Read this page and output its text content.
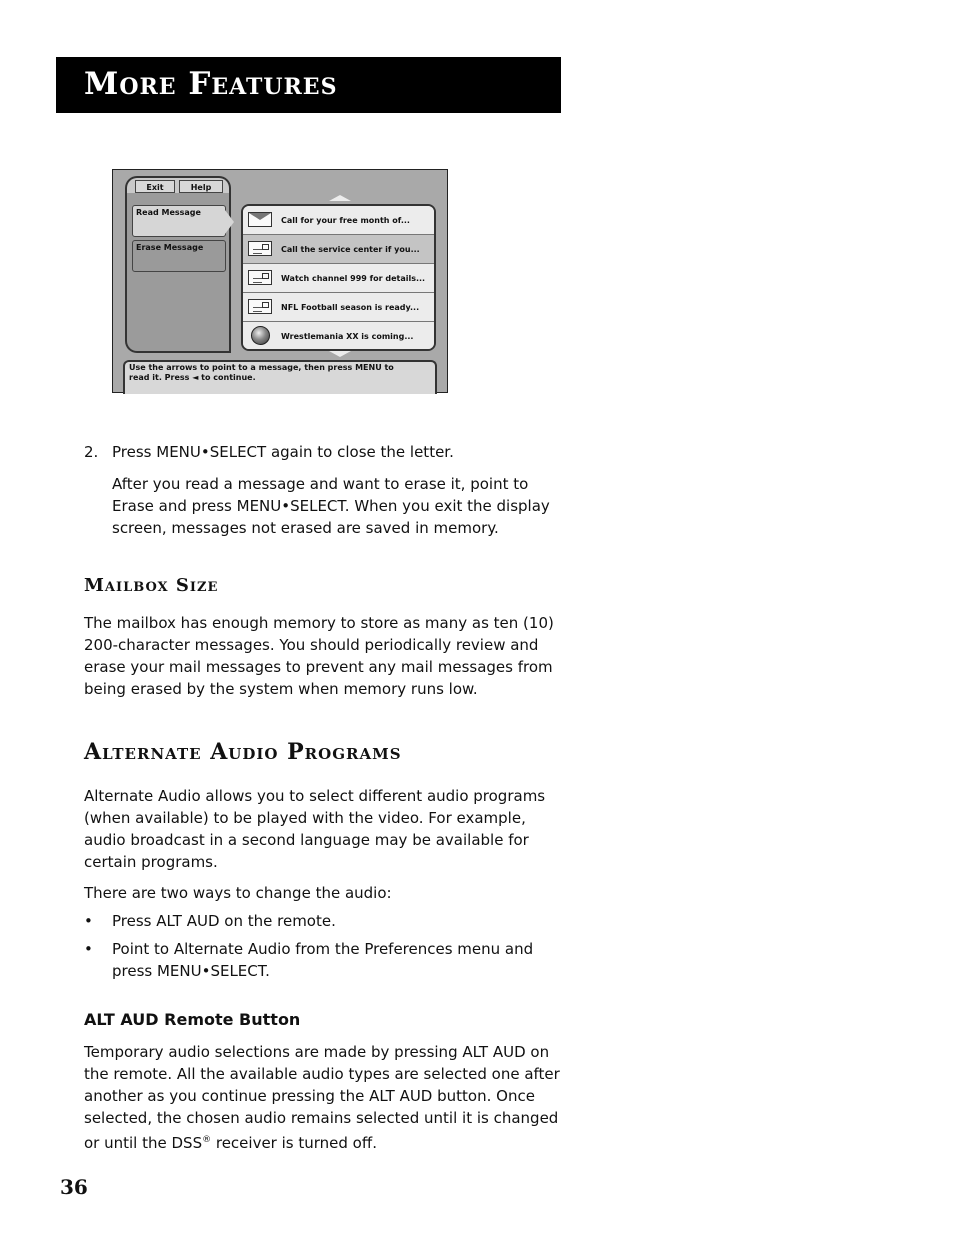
More Features
Exit	Help
Read Message
Erase Message
Call for your free month of...
Call the service center if you...
Watch channel 999 for details...
NFL Football season is ready...
Wrestlemania XX is coming...
Use the arrows to point to a message, then press MENU to
read it. Press ◄ to continue.
2. Press MENU•SELECT again to close the letter.
After you read a message and want to erase it, point to Erase and press MENU•SELECT. When you exit the display screen, messages not erased are saved in memory.
Mailbox Size
The mailbox has enough memory to store as many as ten (10) 200-character messages. You should periodically review and erase your mail messages to prevent any mail messages from being erased by the system when memory runs low.
Alternate Audio Programs
Alternate Audio allows you to select different audio programs (when available) to be played with the video. For example, audio broadcast in a second language may be available for certain programs.
There are two ways to change the audio:
• Press ALT AUD on the remote.
• Point to Alternate Audio from the Preferences menu and press MENU•SELECT.
ALT AUD Remote Button
Temporary audio selections are made by pressing ALT AUD on the remote. All the available audio types are selected one after another as you continue pressing the ALT AUD button. Once selected, the chosen audio remains selected until it is changed or until the DSS® receiver is turned off.
36
